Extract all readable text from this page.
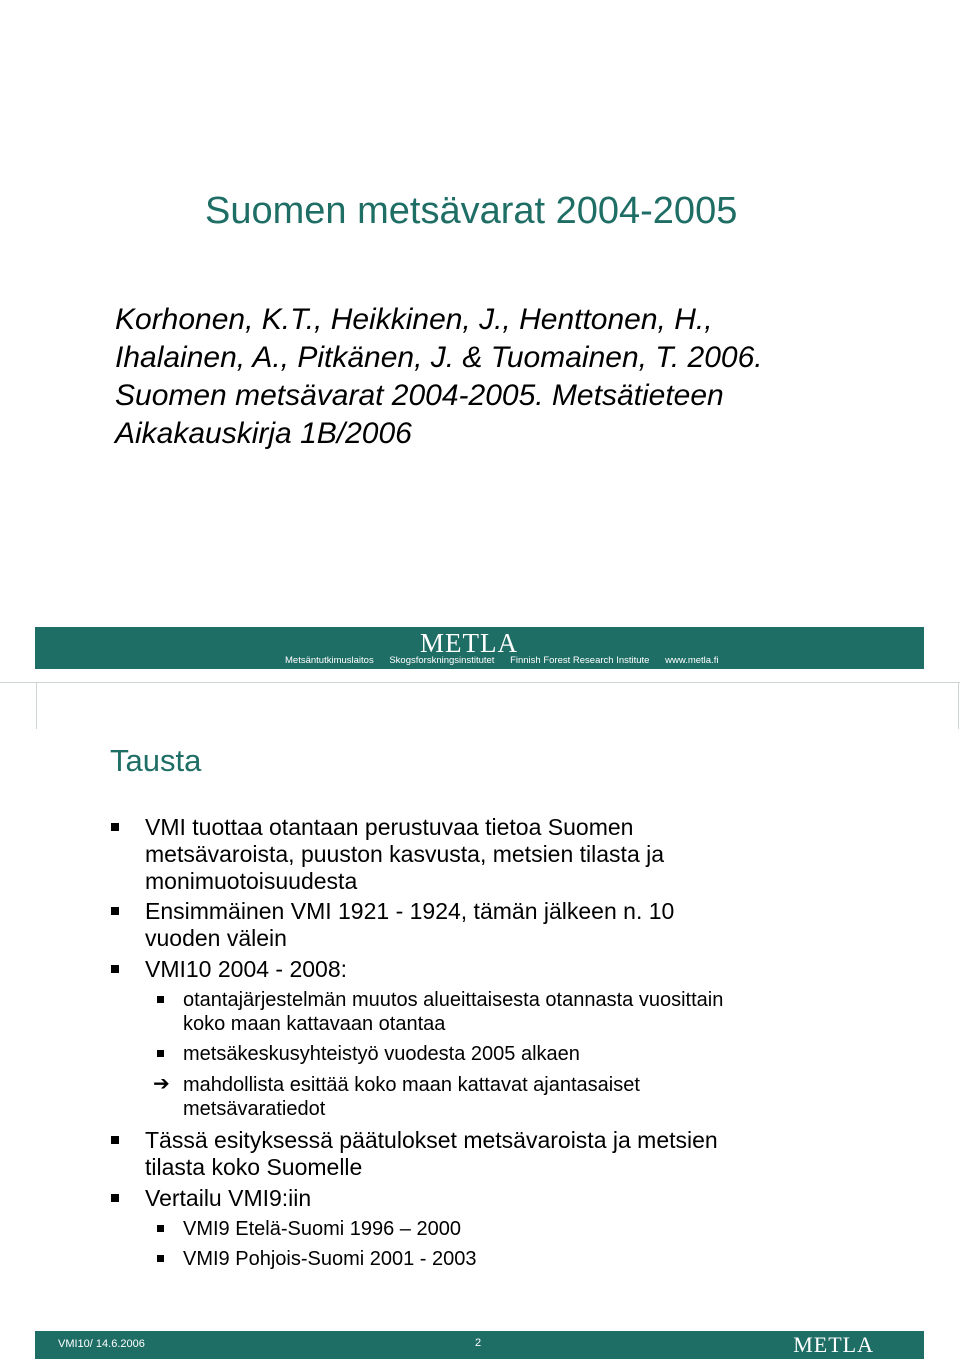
Suomen metsävarat 2004-2005
Korhonen, K.T., Heikkinen, J., Henttonen, H.,
Ihalainen, A., Pitkänen, J. & Tuomainen, T. 2006.
Suomen metsävarat 2004-2005. Metsätieteen
Aikakauskirja 1B/2006
METLA
Metsäntutkimuslaitos Skogsforskningsinstitutet Finnish Forest Research Institute www.metla.fi
Tausta
VMI tuottaa otantaan perustuvaa tietoa Suomen
metsävaroista, puuston kasvusta, metsien tilasta ja
monimuotoisuudesta
Ensimmäinen VMI 1921 - 1924, tämän jälkeen n. 10
vuoden välein
VMI10 2004 - 2008:
otantajärjestelmän muutos alueittaisesta otannasta vuosittain
koko maan kattavaan otantaa
metsäkeskusyhteistyö vuodesta 2005 alkaen
➔ mahdollista esittää koko maan kattavat ajantasaiset
metsävaratiedot
Tässä esityksessä päätulokset metsävaroista ja metsien
tilasta koko Suomelle
Vertailu VMI9:iin
VMI9 Etelä-Suomi 1996 – 2000
VMI9 Pohjois-Suomi 2001 - 2003
VMI10/ 14.6.2006	2	METLA
